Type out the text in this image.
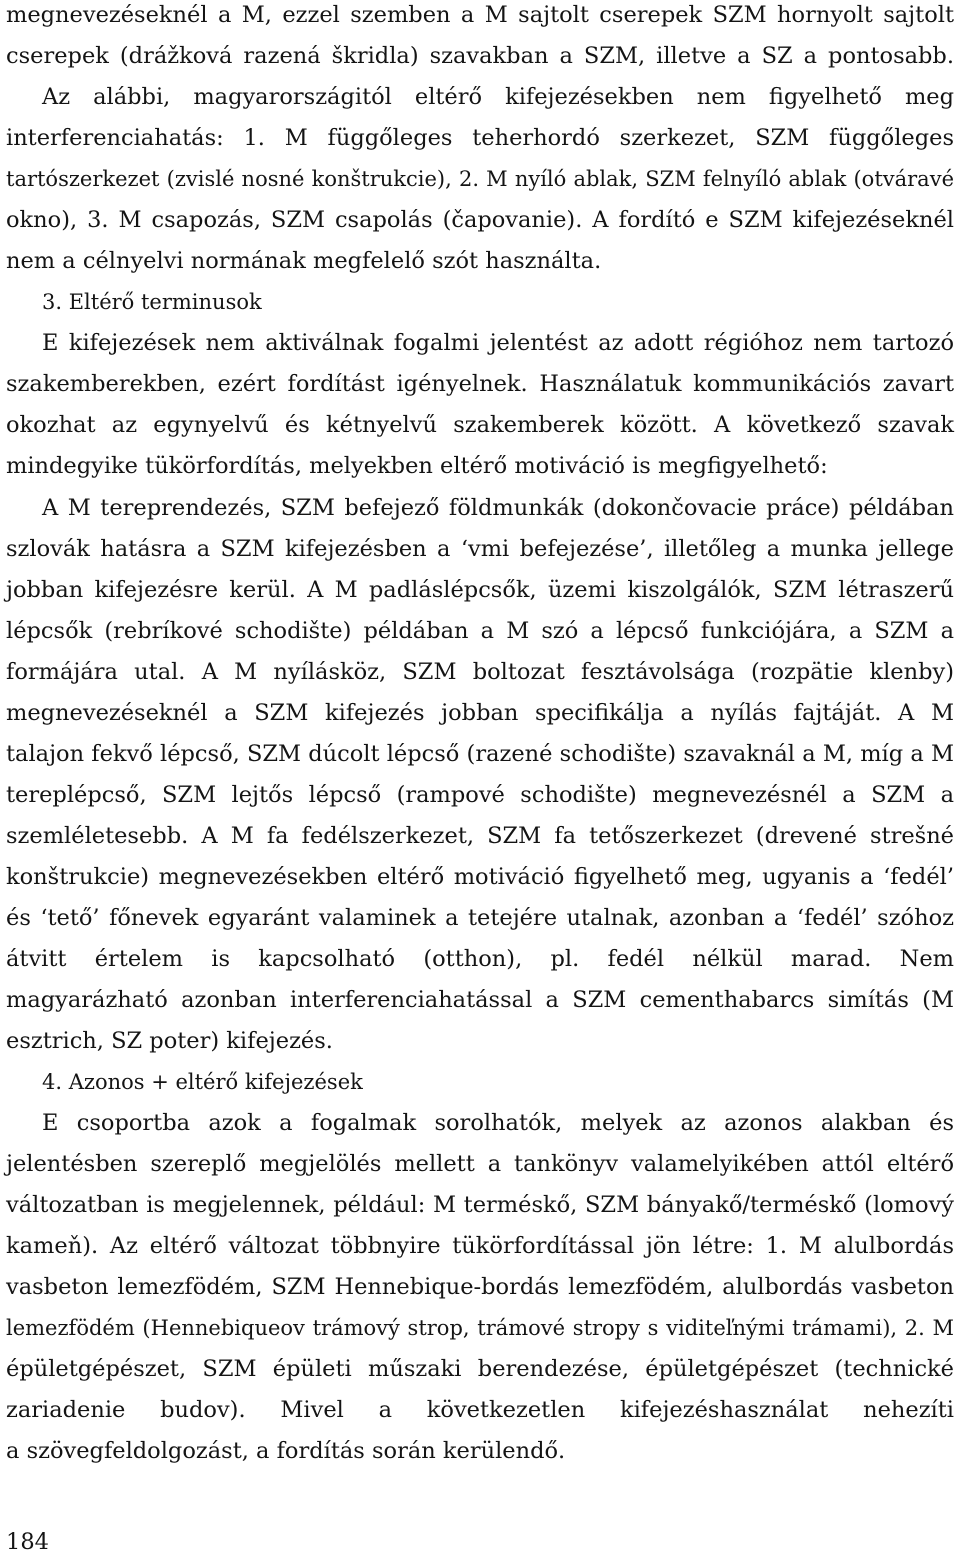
megnevezéseknél a M, ezzel szemben a M sajtolt cserepek SZM hornyolt sajtolt
cserepek (drážková razená škridla) szavakban a SZM, illetve a SZ a pontosabb.
Az alábbi, magyarországitól eltérő kifejezésekben nem figyelhető meg
interferenciahatás: 1. M függőleges teherhordó szerkezet, SZM függőleges
tartószerkezet (zvislé nosné konštrukcie), 2. M nyíló ablak, SZM felnyíló ablak (otváravé
okno), 3. M csapozás, SZM csapolás (čapovanie). A fordító e SZM kifejezéseknél
nem a célnyelvi normának megfelelő szót használta.
3. Eltérő terminusok
E kifejezések nem aktiválnak fogalmi jelentést az adott régióhoz nem tartozó
szakemberekben, ezért fordítást igényelnek. Használatuk kommunikációs zavart
okozhat az egynyelvű és kétnyelvű szakemberek között. A következő szavak
mindegyike tükörfordítás, melyekben eltérő motiváció is megfigyelhető:
A M tereprendezés, SZM befejező földmunkák (dokončovacie práce) példában
szlovák hatásra a SZM kifejezésben a ‘vmi befejezése’, illetőleg a munka jellege
jobban kifejezésre kerül. A M padláslépcsők, üzemi kiszolgálók, SZM létraszerű
lépcsők (rebríkové schodište) példában a M szó a lépcső funkciójára, a SZM a
formájára utal. A M nyílásköz, SZM boltozat fesztávolsága (rozpätie klenby)
megnevezéseknél a SZM kifejezés jobban specifikálja a nyílás fajtáját. A M
talajon fekvő lépcső, SZM dúcolt lépcső (razené schodište) szavaknál a M, míg a M
tereplépcső, SZM lejtős lépcső (rampové schodište) megnevezésnél a SZM a
szemléletesebb. A M fa fedélszerkezet, SZM fa tetőszerkezet (drevené strešné
konštrukcie) megnevezésekben eltérő motiváció figyelhető meg, ugyanis a ‘fedél’
és ‘tető’ főnevek egyaránt valaminek a tetejére utalnak, azonban a ‘fedél’ szóhoz
átvitt értelem is kapcsolható (otthon), pl. fedél nélkül marad. Nem
magyarázható azonban interferenciahatással a SZM cementhabarcs simítás (M
esztrich, SZ poter) kifejezés.
4. Azonos + eltérő kifejezések
E csoportba azok a fogalmak sorolhatók, melyek az azonos alakban és
jelentésben szereplő megjelölés mellett a tankönyv valamelyikében attól eltérő
változatban is megjelennek, például: M terméskő, SZM bányakő/terméskő (lomový
kameň). Az eltérő változat többnyire tükörfordítással jön létre: 1. M alulbordás
vasbeton lemezfödém, SZM Hennebique-bordás lemezfödém, alulbordás vasbeton
lemezfödém (Hennebiqueov trámový strop, trámové stropy s viditeľnými trámami), 2. M
épületgépészet, SZM épületi műszaki berendezése, épületgépészet (technické
zariadenie budov). Mivel a következetlen kifejezéshasználat nehezíti
a szövegfeldolgozást, a fordítás során kerülendő.
184
